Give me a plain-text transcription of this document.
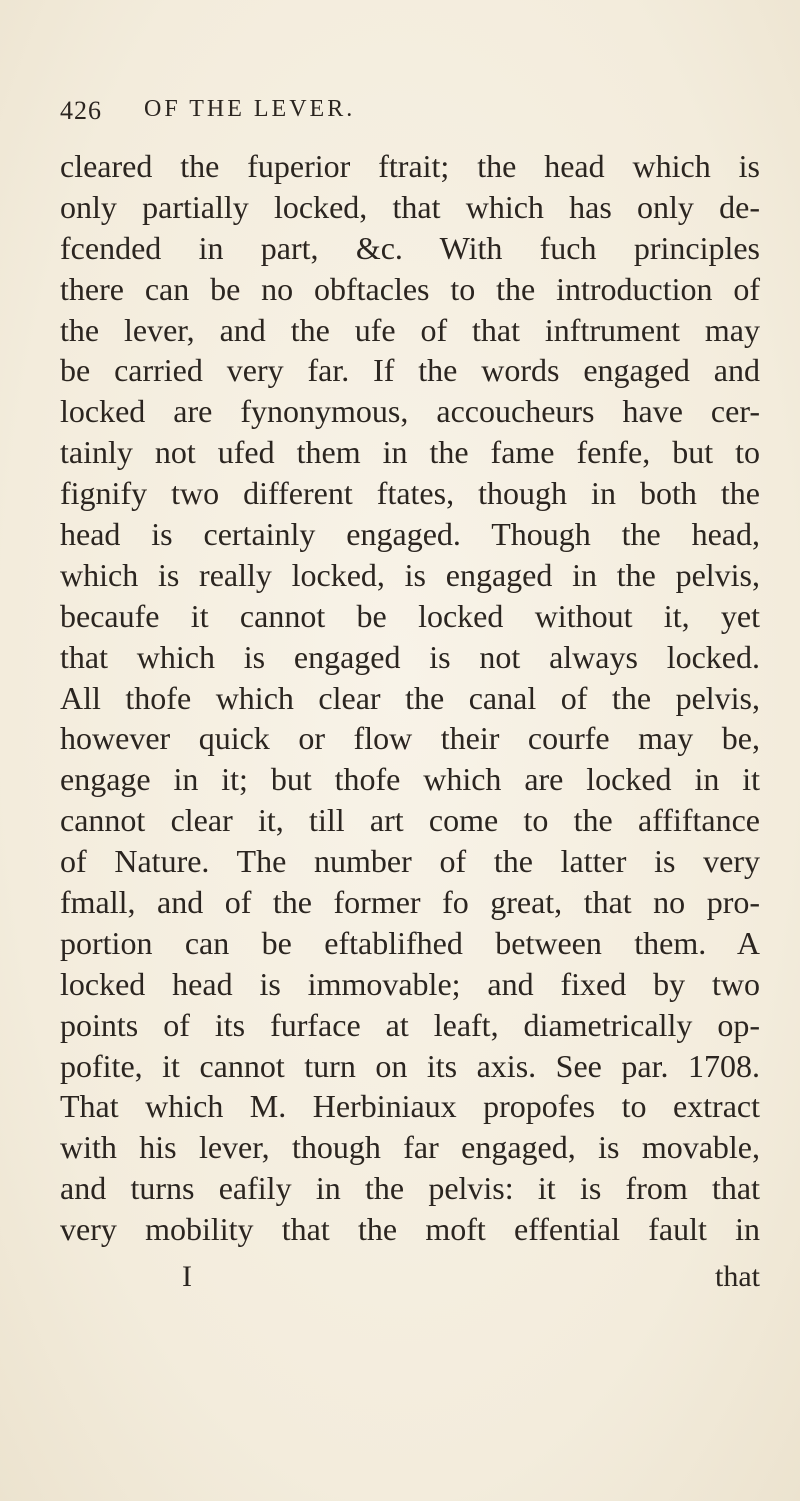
426 OF THE LEVER.
cleared the fuperior ftrait; the head which is
only partially locked, that which has only de-
fcended in part, &c. With fuch principles
there can be no obftacles to the introduction of
the lever, and the ufe of that inftrument may
be carried very far. If the words engaged and
locked are fynonymous, accoucheurs have cer-
tainly not ufed them in the fame fenfe, but to
fignify two different ftates, though in both the
head is certainly engaged. Though the head,
which is really locked, is engaged in the pelvis,
becaufe it cannot be locked without it, yet
that which is engaged is not always locked.
All thofe which clear the canal of the pelvis,
however quick or flow their courfe may be,
engage in it; but thofe which are locked in it
cannot clear it, till art come to the affiftance
of Nature. The number of the latter is very
fmall, and of the former fo great, that no pro-
portion can be eftablifhed between them. A
locked head is immovable; and fixed by two
points of its furface at leaft, diametrically op-
pofite, it cannot turn on its axis. See par. 1708.
That which M. Herbiniaux propofes to extract
with his lever, though far engaged, is movable,
and turns eafily in the pelvis: it is from that
very mobility that the moft effential fault in
I	that
